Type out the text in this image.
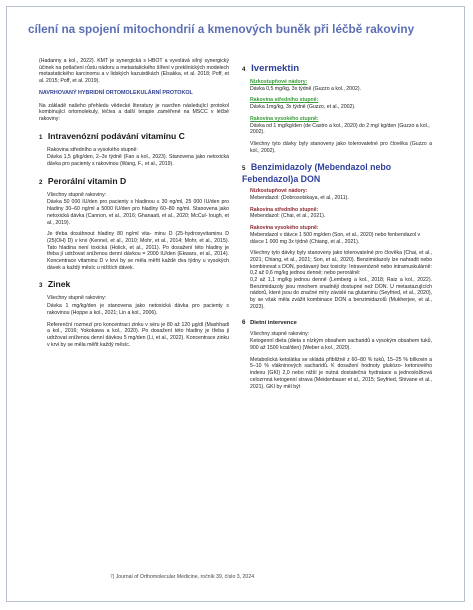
cílení na spojení mitochondrií a kmenových buněk při léčbě rakoviny

(Hadanny a kol., 2022). KMT je synergická s HBOT a vyvolává silný synergický účinek na potlačení růstu nádoru a metastatického šíření v preklinických modelech metastatického karcinomu a v lidských kazuistikách (Elsakka, et al. 2018; Poff, et al. 2015; Poff, et al. 2019).

NAVRHOVANÝ HYBRIDNÍ ORTOMOLEKULÁRNÍ PROTOKOL

Na základě našeho přehledu vědecké literatury je navržen následující protokol kombinující ortomolekuly, léčiva a další terapie zaměřené na MSCC v léčbě rakoviny:

1 Intravenózní podávání vitamínu C

Rakovina středního a vysokého stupně:

Dávka 1,5 g/kg/den, 2–3x týdně (Fan a kol., 2023). Stanovena jako netoxická dávka pro pacienty s rakovinou (Wang, F., et al., 2019).

2 Perorální vitamin D

Všechny stupně rakoviny:

Dávka 50 000 IU/den pro pacienty s hladinou ≤ 30 ng/ml, 25 000 IU/den pro hladiny 30–60 ng/ml a 5000 IU/den pro hladiny 60–80 ng/ml. Stanovena jako netoxická dávka (Cannon, et al., 2016; Ghanaati, et al., 2020; McCul- lough, et al., 2019).

Je třeba dosáhnout hladiny 80 ng/ml vita- minu D (25-hydroxyvitaminu D (25(OH) D) v krvi (Kennel, et al., 2010; Mohr, et al., 2014; Mohr, et al., 2015). Tato hladina není toxická (Holick, et al., 2011). Po dosažení této hladiny je třeba jí udržovat sníženou denní dávkou = 2000 IU/den (Ekwaru, et al., 2014). Koncentrace vitaminu D v krvi by se měla měřit každé dva týdny u vysokých dávek a každý měsíc u nižších dávek.

3 Zinek

Všechny stupně rakoviny:

Dávka 1 mg/kg/den je stanovena jako netoxická dávka pro pacienty s rakovinou (Hoppe a kol., 2021; Lin a kol., 2006).

Referenční rozmezí pro koncentraci zinku v séru je 80 až 120 μg/dl (Mashhadi a kol., 2016; Yokokawa a kol., 2020). Po dosažení této hladiny je třeba ji udržovat sníženou denní dávkou 5 mg/den (Li, et al., 2022). Koncentrace zinku v krvi by se měla měřit každý měsíc.

4 Ivermektin

Nízkostupňové nádory:

Dávka 0,5 mg/kg, 3x týdně (Guzzo a kol., 2002).

Rakovina středního stupně:

Dávka 1mg/kg, 3x týdně (Guzzo, et al., 2002).

Rakovina vysokého stupně:

Dávka od 1 mg/kg/den (de Castro a kol., 2020) do 2 mg/ kg/den (Guzzo a kol., 2002).

Všechny tyto dávky byly stanoveny jako tolerovatelné pro člověka (Guzzo a kol., 2002).

5 Benzimidazoly (Mebendazol nebo Febendazol)a DON

Nízkostupňové nádory:

Mebendazol: (Dobrosotskaya, et al., 2011).

Rakovina středního stupně:

Mebendazol: (Chai, et al., 2021).

Rakovina vysokého stupně:

Mebendazol v dávce 1 500 mg/den (Son, et al., 2020) nebo fenbendazol v dávce 1 000 mg 3x týdně (Chiang, et al., 2021).

Všechny tyto dávky byly stanoveny jako tolerovatelné pro člověka (Chai, et al., 2021; Chiang, et al., 2021; Son, et al., 2020). Benzimidazoly lze nahradit nebo kombinovat s DON, podávaný bez toxicity: Intravenózně nebo intramuskulárně: 0,2 až 0,6 mg/kg jednou denně; nebo perorálně:

0,2 až 1,1 mg/kg jednou denně (Lemberg a kol., 2018; Raiz a kol., 2022). Benzimidazoly jsou mnohem snadněji dostupné než DON. U metastazujících nádorů, které jsou do značné míry závislé na glutaminu (Seyfried, et al., 2020), by se však měla zvážit kombinace DON a benzimidazolů (Mukherjee, et al., 2023).

6 Dietní intervence

Všechny stupně rakoviny:

Ketogenní dieta (dieta s nízkým obsahem sacharidů a vysokým obsahem tuků, 900 až 1500 kcal/den) (Weber a kol., 2020).

Metabolická ketolátka se skládá přibližně z 60–80 % tuků, 15–25 % bílkovin a 5–10 % vlákninových sacharidů. K dosažení hodnoty glukózo- ketonového indexu (GKI) 2,0 nebo nižší je nutná dostatečná hydratace a jednosložková celozrnná ketogenní strava (Meidenbauer et al., 2015; Seyfried, Shivane et al., 2021). GKI by měl být

7| Journal of Orthomolecular Medicine, ročník 39, číslo 3, 2024
